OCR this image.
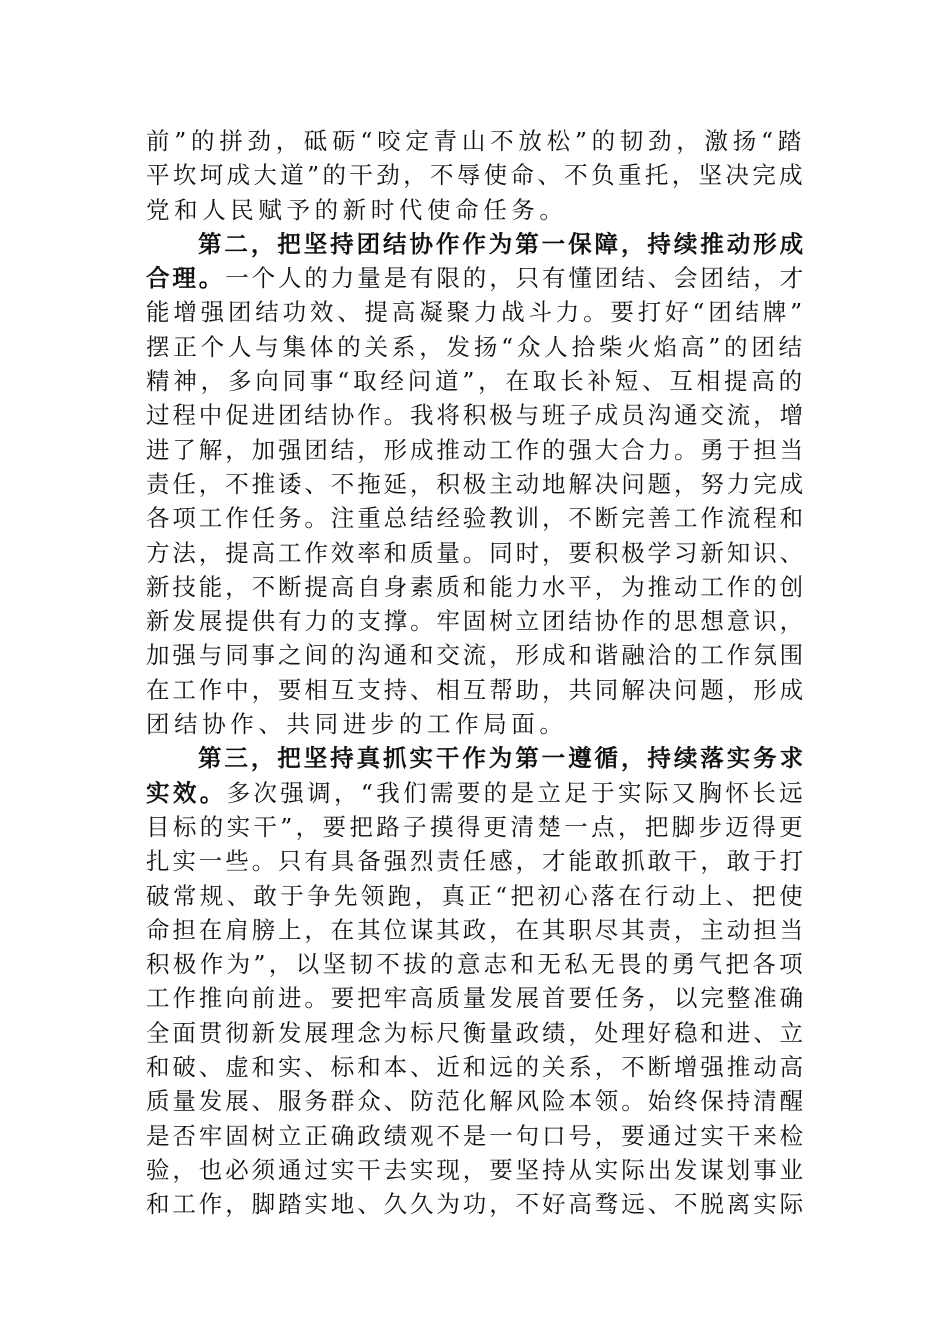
前”的拼劲，砥砺“咬定青山不放松”的韧劲，激扬“踏
平坎坷成大道”的干劲，不辱使命、不负重托，坚决完成
党和人民赋予的新时代使命任务。
第二，把坚持团结协作作为第一保障，持续推动形成
合理。 一个人的力量是有限的，只有懂团结、会团结，才
能增强团结功效、提高凝聚力战斗力。要打好“团结牌”
摆正个人与集体的关系，发扬“众人拾柴火焰高”的团结
精神，多向同事“取经问道”，在取长补短、互相提高的
过程中促进团结协作。我将积极与班子成员沟通交流，增
进了解，加强团结，形成推动工作的强大合力。勇于担当
责任，不推诿、不拖延，积极主动地解决问题，努力完成
各项工作任务。注重总结经验教训，不断完善工作流程和
方法，提高工作效率和质量。同时，要积极学习新知识、
新技能，不断提高自身素质和能力水平，为推动工作的创
新发展提供有力的支撑。牢固树立团结协作的思想意识，
加强与同事之间的沟通和交流，形成和谐融洽的工作氛围
在工作中，要相互支持、相互帮助，共同解决问题，形成
团结协作、共同进步的工作局面。
第三，把坚持真抓实干作为第一遵循，持续落实务求
实效。 多次强调，“我们需要的是立足于实际又胸怀长远
目标的实干”，要把路子摸得更清楚一点，把脚步迈得更
扎实一些。只有具备强烈责任感，才能敢抓敢干，敢于打
破常规、敢于争先领跑，真正“把初心落在行动上、把使
命担在肩膀上，在其位谋其政，在其职尽其责，主动担当
积极作为”，以坚韧不拔的意志和无私无畏的勇气把各项
工作推向前进。要把牢高质量发展首要任务，以完整准确
全面贯彻新发展理念为标尺衡量政绩，处理好稳和进、立
和破、虚和实、标和本、近和远的关系，不断增强推动高
质量发展、服务群众、防范化解风险本领。始终保持清醒
是否牢固树立正确政绩观不是一句口号，要通过实干来检
验，也必须通过实干去实现，要坚持从实际出发谋划事业
和工作，脚踏实地、久久为功，不好高骛远、不脱离实际
